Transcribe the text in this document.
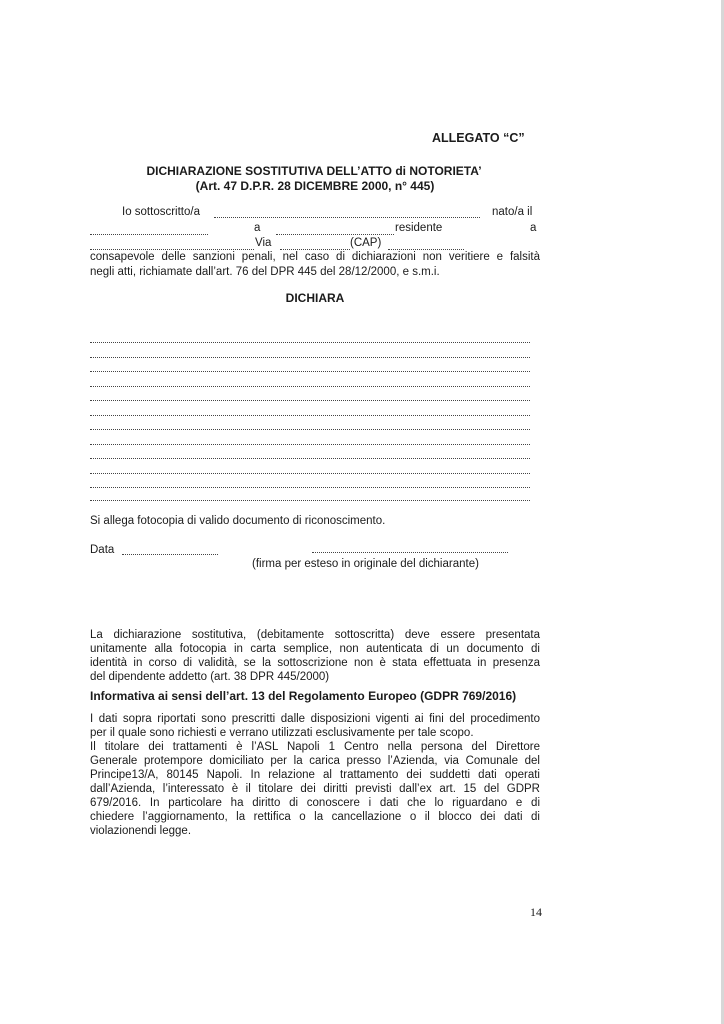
ALLEGATO “C”
DICHIARAZIONE SOSTITUTIVA DELL’ATTO di NOTORIETA’
(Art. 47 D.P.R. 28 DICEMBRE 2000, n° 445)
Io sottoscritto/a	nato/a il
a	residente	a
Via	(CAP)
consapevole delle sanzioni penali, nel caso di dichiarazioni non veritiere e falsità
negli atti, richiamate dall’art. 76 del DPR 445 del 28/12/2000, e s.m.i.
DICHIARA
Si allega fotocopia di valido documento di riconoscimento.
Data
(firma per esteso in originale del dichiarante)
La dichiarazione sostitutiva, (debitamente sottoscritta) deve essere presentata
unitamente alla fotocopia in carta semplice, non autenticata di un documento di
identità in corso di validità, se la sottoscrizione non è stata effettuata in presenza
del dipendente addetto (art. 38 DPR 445/2000)
Informativa ai sensi dell’art. 13 del Regolamento Europeo (GDPR 769/2016)
I dati sopra riportati sono prescritti dalle disposizioni vigenti ai fini del procedimento
per il quale sono richiesti e verrano utilizzati esclusivamente per tale scopo.
Il titolare dei trattamenti è l’ASL Napoli 1 Centro nella persona del Direttore
Generale protempore domiciliato per la carica presso l’Azienda, via Comunale del
Principe13/A, 80145 Napoli. In relazione al trattamento dei suddetti dati operati
dall’Azienda, l’interessato è il titolare dei diritti previsti dall’ex art. 15 del GDPR
679/2016. In particolare ha diritto di conoscere i dati che lo riguardano e di
chiedere l’aggiornamento, la rettifica o la cancellazione o il blocco dei dati di
violazionendi legge.
14
